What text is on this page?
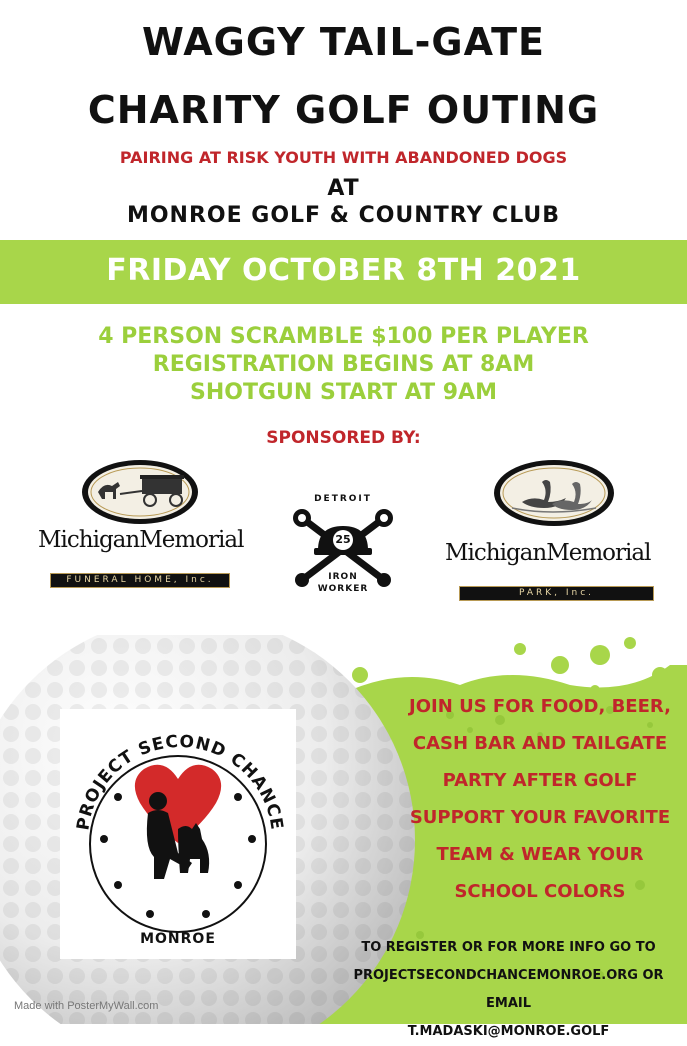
WAGGY TAIL-GATE
CHARITY GOLF OUTING
PAIRING AT RISK YOUTH WITH ABANDONED DOGS
AT
MONROE GOLF & COUNTRY CLUB
FRIDAY OCTOBER 8TH 2021
4 PERSON SCRAMBLE $100 PER PLAYER
REGISTRATION BEGINS AT 8AM
SHOTGUN START AT 9AM
SPONSORED BY:
MichiganMemorial
FUNERAL HOME, Inc.
DETROIT
25
IRON
WORKER
MichiganMemorial
PARK, Inc.
PROJECT SECOND CHANCE
MONROE
JOIN US FOR FOOD, BEER,
CASH BAR AND TAILGATE
PARTY AFTER GOLF
SUPPORT YOUR FAVORITE
TEAM & WEAR YOUR
SCHOOL COLORS
TO REGISTER OR FOR MORE INFO GO TO
PROJECTSECONDCHANCEMONROE.ORG OR EMAIL
T.MADASKI@MONROE.GOLF
Made with PosterMyWall.com
